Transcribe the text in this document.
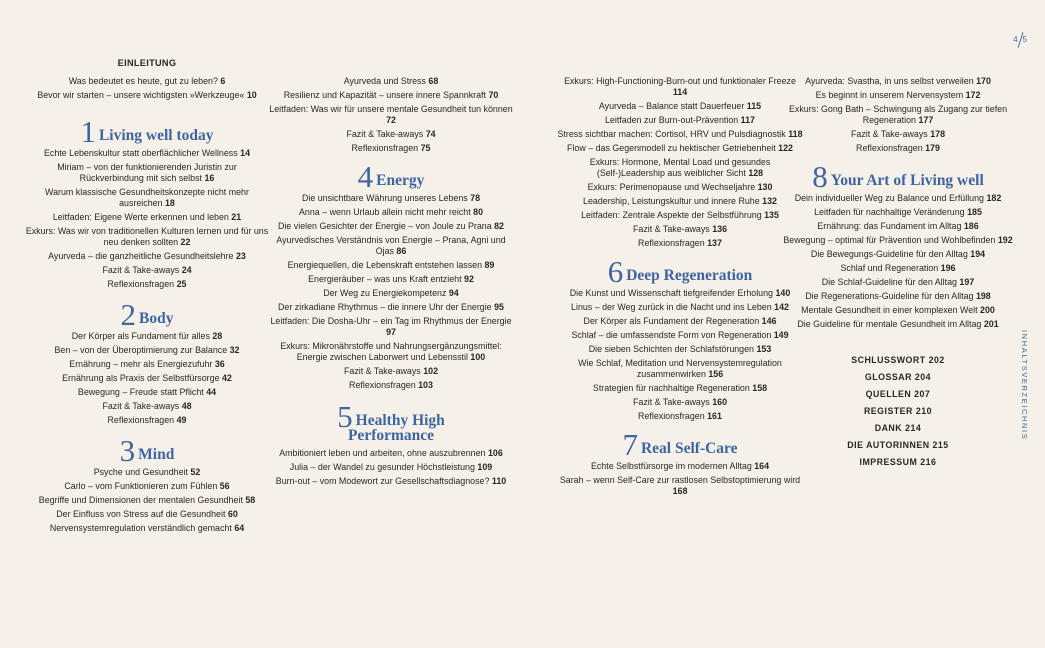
4 5
INHALTSVERZEICHNIS
EINLEITUNG
Was bedeutet es heute, gut zu leben? 6
Bevor wir starten – unsere wichtigsten »Werkzeuge« 10
1 Living well today
Echte Lebenskultur statt oberflächlicher Wellness 14
Miriam – von der funktionierenden Juristin zur Rückverbindung mit sich selbst 16
Warum klassische Gesundheitskonzepte nicht mehr ausreichen 18
Leitfaden: Eigene Werte erkennen und leben 21
Exkurs: Was wir von traditionellen Kulturen lernen und für uns neu denken sollten 22
Ayurveda – die ganzheitliche Gesundheitslehre 23
Fazit & Take-aways 24
Reflexionsfragen 25
2 Body
Der Körper als Fundament für alles 28
Ben – von der Überoptimierung zur Balance 32
Ernährung – mehr als Energiezufuhr 36
Ernährung als Praxis der Selbstfürsorge 42
Bewegung – Freude statt Pflicht 44
Fazit & Take-aways 48
Reflexionsfragen 49
3 Mind
Psyche und Gesundheit 52
Carlo – vom Funktionieren zum Fühlen 56
Begriffe und Dimensionen der mentalen Gesundheit 58
Der Einfluss von Stress auf die Gesundheit 60
Nervensystemregulation verständlich gemacht 64
Ayurveda und Stress 68
Resilienz und Kapazität – unsere innere Spannkraft 70
Leitfaden: Was wir für unsere mentale Gesundheit tun können 72
Fazit & Take-aways 74
Reflexionsfragen 75
4 Energy
Die unsichtbare Währung unseres Lebens 78
Anna – wenn Urlaub allein nicht mehr reicht 80
Die vielen Gesichter der Energie – von Joule zu Prana 82
Ayurvedisches Verständnis von Energie – Prana, Agni und Ojas 86
Energiequellen, die Lebenskraft entstehen lassen 89
Energieräuber – was uns Kraft entzieht 92
Der Weg zu Energiekompetenz 94
Der zirkadiane Rhythmus – die innere Uhr der Energie 95
Leitfaden: Die Dosha-Uhr – ein Tag im Rhythmus der Energie 97
Exkurs: Mikronährstoffe und Nahrungsergänzungsmittel: Energie zwischen Laborwert und Lebensstil 100
Fazit & Take-aways 102
Reflexionsfragen 103
5 Healthy High
Performance
Ambitioniert leben und arbeiten, ohne auszubrennen 106
Julia – der Wandel zu gesunder Höchstleistung 109
Burn-out – vom Modewort zur Gesellschaftsdiagnose? 110
Exkurs: High-Functioning-Burn-out und funktionaler Freeze 114
Ayurveda – Balance statt Dauerfeuer 115
Leitfaden zur Burn-out-Prävention 117
Stress sichtbar machen: Cortisol, HRV und Pulsdiagnostik 118
Flow – das Gegenmodell zu hektischer Getriebenheit 122
Exkurs: Hormone, Mental Load und gesundes (Self-)Leadership aus weiblicher Sicht 128
Exkurs: Perimenopause und Wechseljahre 130
Leadership, Leistungskultur und innere Ruhe 132
Leitfaden: Zentrale Aspekte der Selbstführung 135
Fazit & Take-aways 136
Reflexionsfragen 137
6 Deep Regeneration
Die Kunst und Wissenschaft tiefgreifender Erholung 140
Linus – der Weg zurück in die Nacht und ins Leben 142
Der Körper als Fundament der Regeneration 146
Schlaf – die umfassendste Form von Regeneration 149
Die sieben Schichten der Schlafstörungen 153
Wie Schlaf, Meditation und Nervensystemregulation zusammenwirken 156
Strategien für nachhaltige Regeneration 158
Fazit & Take-aways 160
Reflexionsfragen 161
7 Real Self-Care
Echte Selbstfürsorge im modernen Alltag 164
Sarah – wenn Self-Care zur rastlosen Selbstoptimierung wird 168
Ayurveda: Svastha, in uns selbst verweilen 170
Es beginnt in unserem Nervensystem 172
Exkurs: Gong Bath – Schwingung als Zugang zur tiefen Regeneration 177
Fazit & Take-aways 178
Reflexionsfragen 179
8 Your Art of Living well
Dein individueller Weg zu Balance und Erfüllung 182
Leitfaden für nachhaltige Veränderung 185
Ernährung: das Fundament im Alltag 186
Bewegung – optimal für Prävention und Wohlbefinden 192
Die Bewegungs-Guideline für den Alltag 194
Schlaf und Regeneration 196
Die Schlaf-Guideline für den Alltag 197
Die Regenerations-Guideline für den Alltag 198
Mentale Gesundheit in einer komplexen Welt 200
Die Guideline für mentale Gesundheit im Alltag 201
SCHLUSSWORT 202
GLOSSAR 204
QUELLEN 207
REGISTER 210
DANK 214
DIE AUTORINNEN 215
IMPRESSUM 216
